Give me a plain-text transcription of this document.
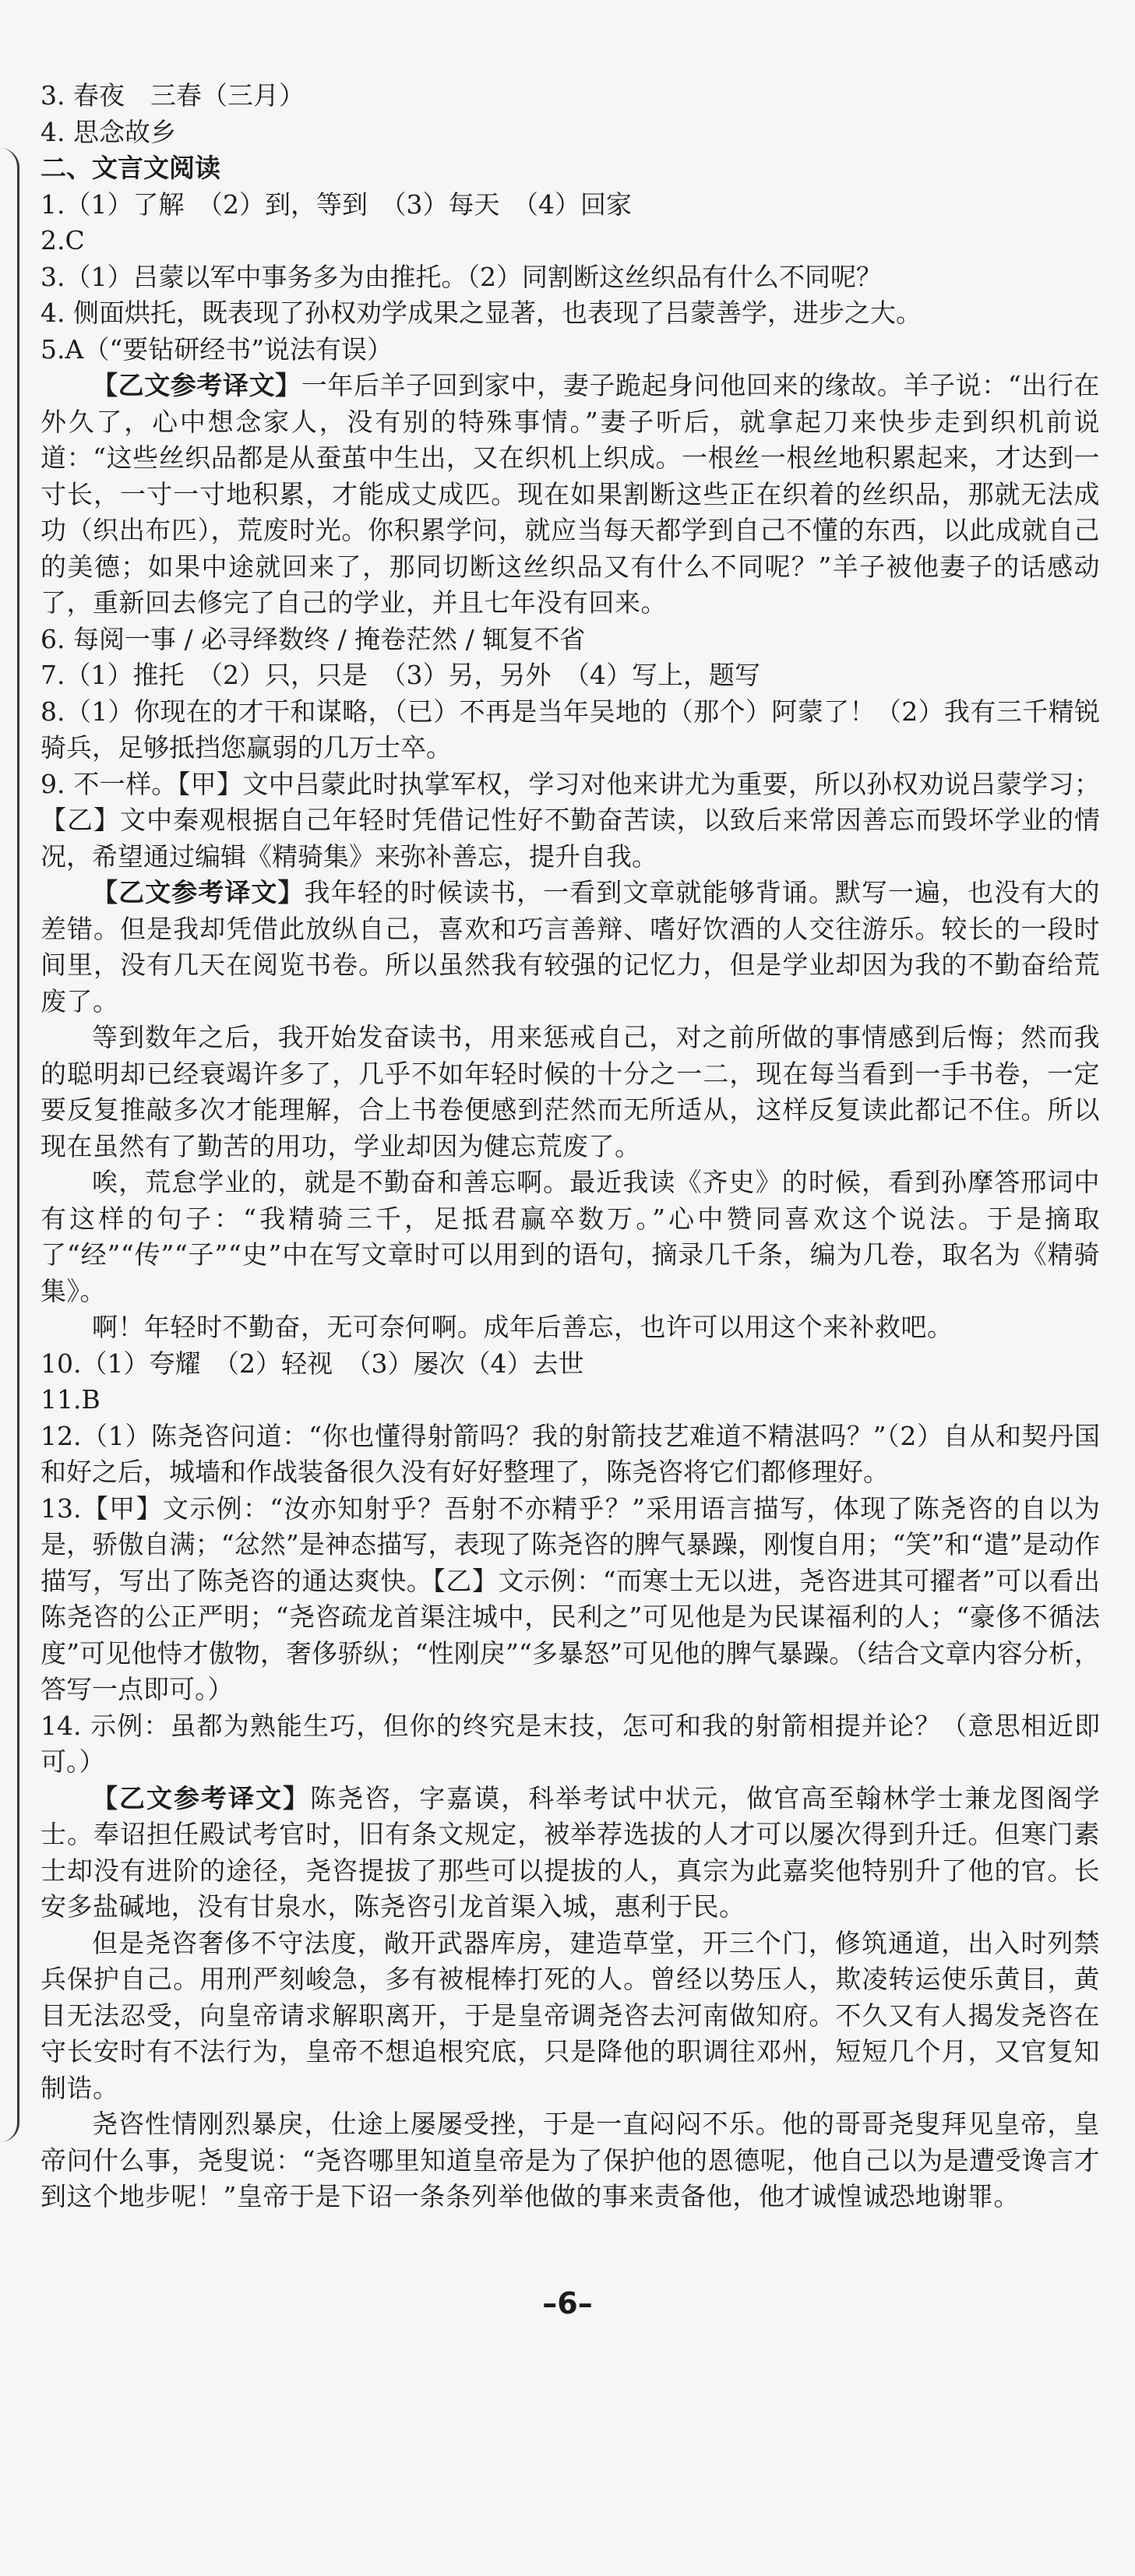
3. 春夜　三春（三月）

4. 思念故乡

二、文言文阅读

1.（1）了解　（2）到，等到　（3）每天　（4）回家

2.C

3.（1）吕蒙以军中事务多为由推托。（2）同割断这丝织品有什么不同呢？

4. 侧面烘托，既表现了孙权劝学成果之显著，也表现了吕蒙善学，进步之大。

5.A（“要钻研经书”说法有误）

【乙文参考译文】一年后羊子回到家中，妻子跪起身问他回来的缘故。羊子说：“出行在外久了，心中想念家人，没有别的特殊事情。”妻子听后，就拿起刀来快步走到织机前说道：“这些丝织品都是从蚕茧中生出，又在织机上织成。一根丝一根丝地积累起来，才达到一寸长，一寸一寸地积累，才能成丈成匹。现在如果割断这些正在织着的丝织品，那就无法成功（织出布匹），荒废时光。你积累学问，就应当每天都学到自己不懂的东西，以此成就自己的美德；如果中途就回来了，那同切断这丝织品又有什么不同呢？”羊子被他妻子的话感动了，重新回去修完了自己的学业，并且七年没有回来。

6. 每阅一事 / 必寻绎数终 / 掩卷茫然 / 辄复不省

7.（1）推托　（2）只，只是　（3）另，另外　（4）写上，题写

8.（1）你现在的才干和谋略，（已）不再是当年吴地的（那个）阿蒙了！（2）我有三千精锐骑兵，足够抵挡您赢弱的几万士卒。

9. 不一样。【甲】文中吕蒙此时执掌军权，学习对他来讲尤为重要，所以孙权劝说吕蒙学习；【乙】文中秦观根据自己年轻时凭借记性好不勤奋苦读，以致后来常因善忘而毁坏学业的情况，希望通过编辑《精骑集》来弥补善忘，提升自我。

【乙文参考译文】我年轻的时候读书，一看到文章就能够背诵。默写一遍，也没有大的差错。但是我却凭借此放纵自己，喜欢和巧言善辩、嗜好饮酒的人交往游乐。较长的一段时间里，没有几天在阅览书卷。所以虽然我有较强的记忆力，但是学业却因为我的不勤奋给荒废了。

等到数年之后，我开始发奋读书，用来惩戒自己，对之前所做的事情感到后悔；然而我的聪明却已经衰竭许多了，几乎不如年轻时候的十分之一二，现在每当看到一手书卷，一定要反复推敲多次才能理解，合上书卷便感到茫然而无所适从，这样反复读此都记不住。所以现在虽然有了勤苦的用功，学业却因为健忘荒废了。

唉，荒怠学业的，就是不勤奋和善忘啊。最近我读《齐史》的时候，看到孙摩答邢词中有这样的句子：“我精骑三千，足抵君赢卒数万。”心中赞同喜欢这个说法。于是摘取了“经”“传”“子”“史”中在写文章时可以用到的语句，摘录几千条，编为几卷，取名为《精骑集》。

啊！年轻时不勤奋，无可奈何啊。成年后善忘，也许可以用这个来补救吧。

10.（1）夸耀　（2）轻视　（3）屡次（4）去世

11.B

12.（1）陈尧咨问道：“你也懂得射箭吗？我的射箭技艺难道不精湛吗？”（2）自从和契丹国和好之后，城墙和作战装备很久没有好好整理了，陈尧咨将它们都修理好。

13.【甲】文示例：“汝亦知射乎？吾射不亦精乎？”采用语言描写，体现了陈尧咨的自以为是，骄傲自满；“忿然”是神态描写，表现了陈尧咨的脾气暴躁，刚愎自用；“笑”和“遣”是动作描写，写出了陈尧咨的通达爽快。【乙】文示例：“而寒士无以进，尧咨进其可擢者”可以看出陈尧咨的公正严明；“尧咨疏龙首渠注城中，民利之”可见他是为民谋福利的人；“豪侈不循法度”可见他恃才傲物，奢侈骄纵；“性刚戾”“多暴怒”可见他的脾气暴躁。（结合文章内容分析，答写一点即可。）

14. 示例：虽都为熟能生巧，但你的终究是末技，怎可和我的射箭相提并论？（意思相近即可。）

【乙文参考译文】陈尧咨，字嘉谟，科举考试中状元，做官高至翰林学士兼龙图阁学士。奉诏担任殿试考官时，旧有条文规定，被举荐选拔的人才可以屡次得到升迁。但寒门素士却没有进阶的途径，尧咨提拔了那些可以提拔的人，真宗为此嘉奖他特别升了他的官。长安多盐碱地，没有甘泉水，陈尧咨引龙首渠入城，惠利于民。

但是尧咨奢侈不守法度，敞开武器库房，建造草堂，开三个门，修筑通道，出入时列禁兵保护自己。用刑严刻峻急，多有被棍棒打死的人。曾经以势压人，欺凌转运使乐黄目，黄目无法忍受，向皇帝请求解职离开，于是皇帝调尧咨去河南做知府。不久又有人揭发尧咨在守长安时有不法行为，皇帝不想追根究底，只是降他的职调往邓州，短短几个月，又官复知制诰。

尧咨性情刚烈暴戾，仕途上屡屡受挫，于是一直闷闷不乐。他的哥哥尧叟拜见皇帝，皇帝问什么事，尧叟说：“尧咨哪里知道皇帝是为了保护他的恩德呢，他自己以为是遭受谗言才到这个地步呢！”皇帝于是下诏一条条列举他做的事来责备他，他才诚惶诚恐地谢罪。

–6–
